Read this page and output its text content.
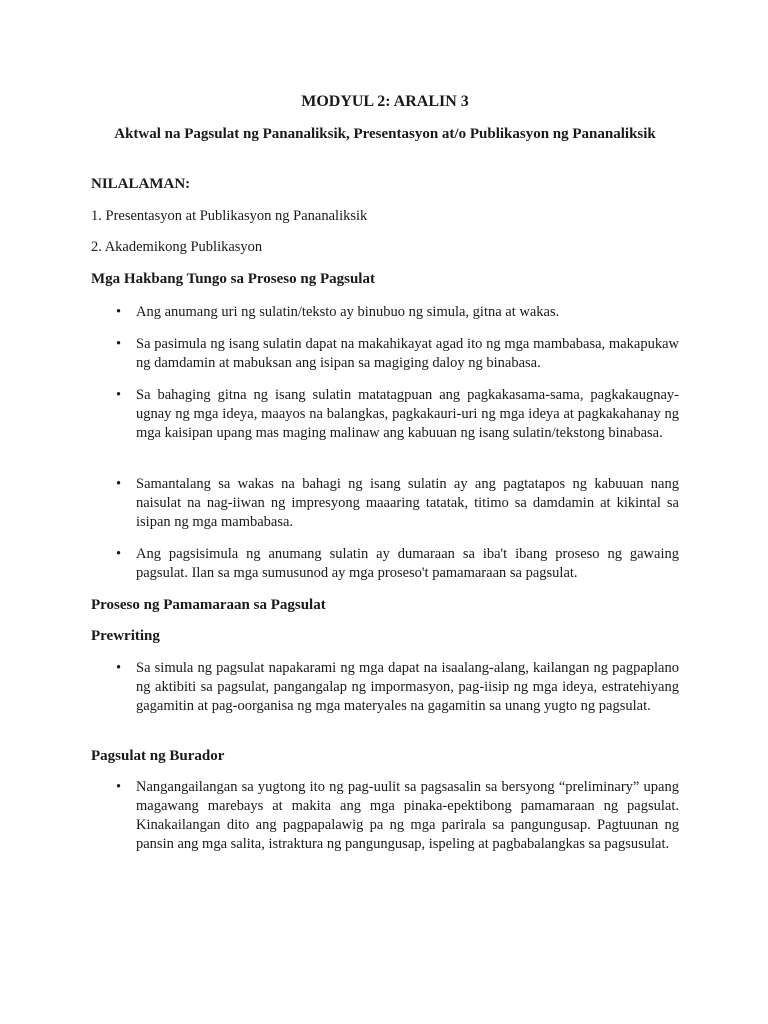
MODYUL 2: ARALIN 3
Aktwal na Pagsulat ng Pananaliksik, Presentasyon at/o Publikasyon ng Pananaliksik
NILALAMAN:
1. Presentasyon at Publikasyon ng Pananaliksik
2. Akademikong Publikasyon
Mga Hakbang Tungo sa Proseso ng Pagsulat
•	Ang anumang uri ng sulatin/teksto ay binubuo ng simula, gitna at wakas.
•	Sa pasimula ng isang sulatin dapat na makahikayat agad ito ng mga mambabasa, makapukaw ng damdamin at mabuksan ang isipan sa magiging daloy ng binabasa.
•	Sa bahaging gitna ng isang sulatin matatagpuan ang pagkakasama-sama, pagkakaugnay-ugnay ng mga ideya, maayos na balangkas, pagkakauri-uri ng mga ideya at pagkakahanay ng mga kaisipan upang mas maging malinaw ang kabuuan ng isang sulatin/tekstong binabasa.
•	Samantalang sa wakas na bahagi ng isang sulatin ay ang pagtatapos ng kabuuan nang naisulat na nag-iiwan ng impresyong maaaring tatatak, titimo sa damdamin at kikintal sa isipan ng mga mambabasa.
•	Ang pagsisimula ng anumang sulatin ay dumaraan sa iba't ibang proseso ng gawaing pagsulat. Ilan sa mga sumusunod ay mga proseso't pamamaraan sa pagsulat.
Proseso ng Pamamaraan sa Pagsulat
Prewriting
•	Sa simula ng pagsulat napakarami ng mga dapat na isaalang-alang, kailangan ng pagpaplano ng aktibiti sa pagsulat, pangangalap ng impormasyon, pag-iisip ng mga ideya, estratehiyang gagamitin at pag-oorganisa ng mga materyales na gagamitin sa unang yugto ng pagsulat.
Pagsulat ng Burador
•	Nangangailangan sa yugtong ito ng pag-uulit sa pagsasalin sa bersyong “preliminary” upang magawang marebays at makita ang mga pinaka-epektibong pamamaraan ng pagsulat. Kinakailangan dito ang pagpapalawig pa ng mga parirala sa pangungusap. Pagtuunan ng pansin ang mga salita, istraktura ng pangungusap, ispeling at pagbabalangkas sa pagsusulat.
